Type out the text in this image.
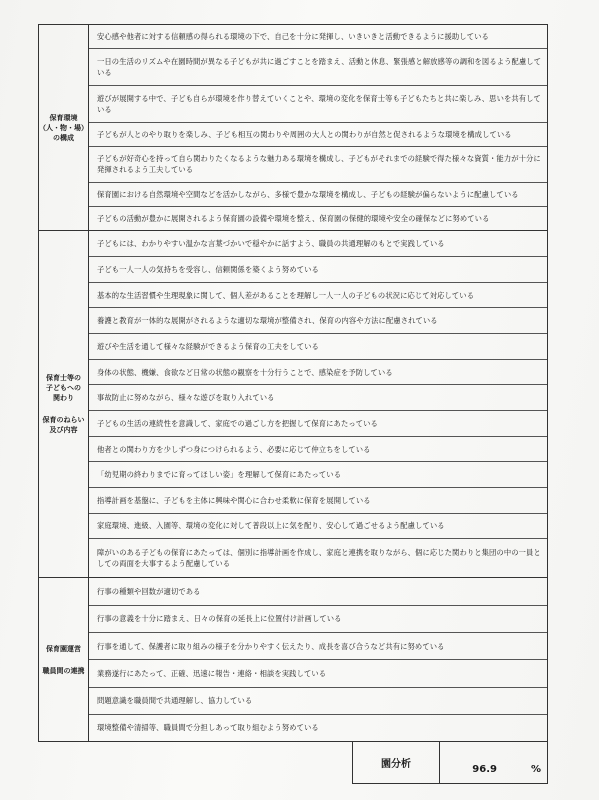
保育環境
（人・物・場）
の構成
安心感や他者に対する信頼感の得られる環境の下で、自己を十分に発揮し、いきいきと活動できるように援助している
一日の生活のリズムや在園時間が異なる子どもが共に過ごすことを踏まえ、活動と休息、緊張感と解放感等の調和を図るよう配慮している
遊びが展開する中で、子ども自らが環境を作り替えていくことや、環境の変化を保育士等も子どもたちと共に楽しみ、思いを共有している
子どもが人とのやり取りを楽しみ、子ども相互の関わりや周囲の大人との関わりが自然と促されるような環境を構成している
子どもが好奇心を持って自ら関わりたくなるような魅力ある環境を構成し、子どもがそれまでの経験で得た様々な資質・能力が十分に発揮されるよう工夫している
保育園における自然環境や空間などを活かしながら、多様で豊かな環境を構成し、子どもの経験が偏らないように配慮している
子どもの活動が豊かに展開されるよう保育園の設備や環境を整え、保育園の保健的環境や安全の確保などに努めている
保育士等の
子どもへの
関わり
保育のねらい
及び内容
子どもには、わかりやすい温かな言葉づかいで穏やかに話すよう、職員の共通理解のもとで実践している
子ども一人一人の気持ちを受容し、信頼関係を築くよう努めている
基本的な生活習慣や生理現象に関して、個人差があることを理解し一人一人の子どもの状況に応じて対応している
養護と教育が一体的な展開がされるような適切な環境が整備され、保育の内容や方法に配慮されている
遊びや生活を通して様々な経験ができるよう保育の工夫をしている
身体の状態、機嫌、食欲など日常の状態の観察を十分行うことで、感染症を予防している
事故防止に努めながら、様々な遊びを取り入れている
子どもの生活の連続性を意識して、家庭での過ごし方を把握して保育にあたっている
他者との関わり方を少しずつ身につけられるよう、必要に応じて仲立ちをしている
「幼児期の終わりまでに育ってほしい姿」を理解して保育にあたっている
指導計画を基盤に、子どもを主体に興味や関心に合わせ柔軟に保育を展開している
家庭環境、進級、入園等、環境の変化に対して普段以上に気を配り、安心して過ごせるよう配慮している
障がいのある子どもの保育にあたっては、個別に指導計画を作成し、家庭と連携を取りながら、個に応じた関わりと集団の中の一員としての両面を大事するよう配慮している
保育園運営
職員間の連携
行事の種類や回数が適切である
行事の意義を十分に踏まえ、日々の保育の延長上に位置付け計画している
行事を通して、保護者に取り組みの様子を分かりやすく伝えたり、成長を喜び合うなど共有に努めている
業務遂行にあたって、正確、迅速に報告・連絡・相談を実践している
問題意識を職員間で共通理解し、協力している
環境整備や清掃等、職員間で分担しあって取り組むよう努めている
園分析	96.9	%
